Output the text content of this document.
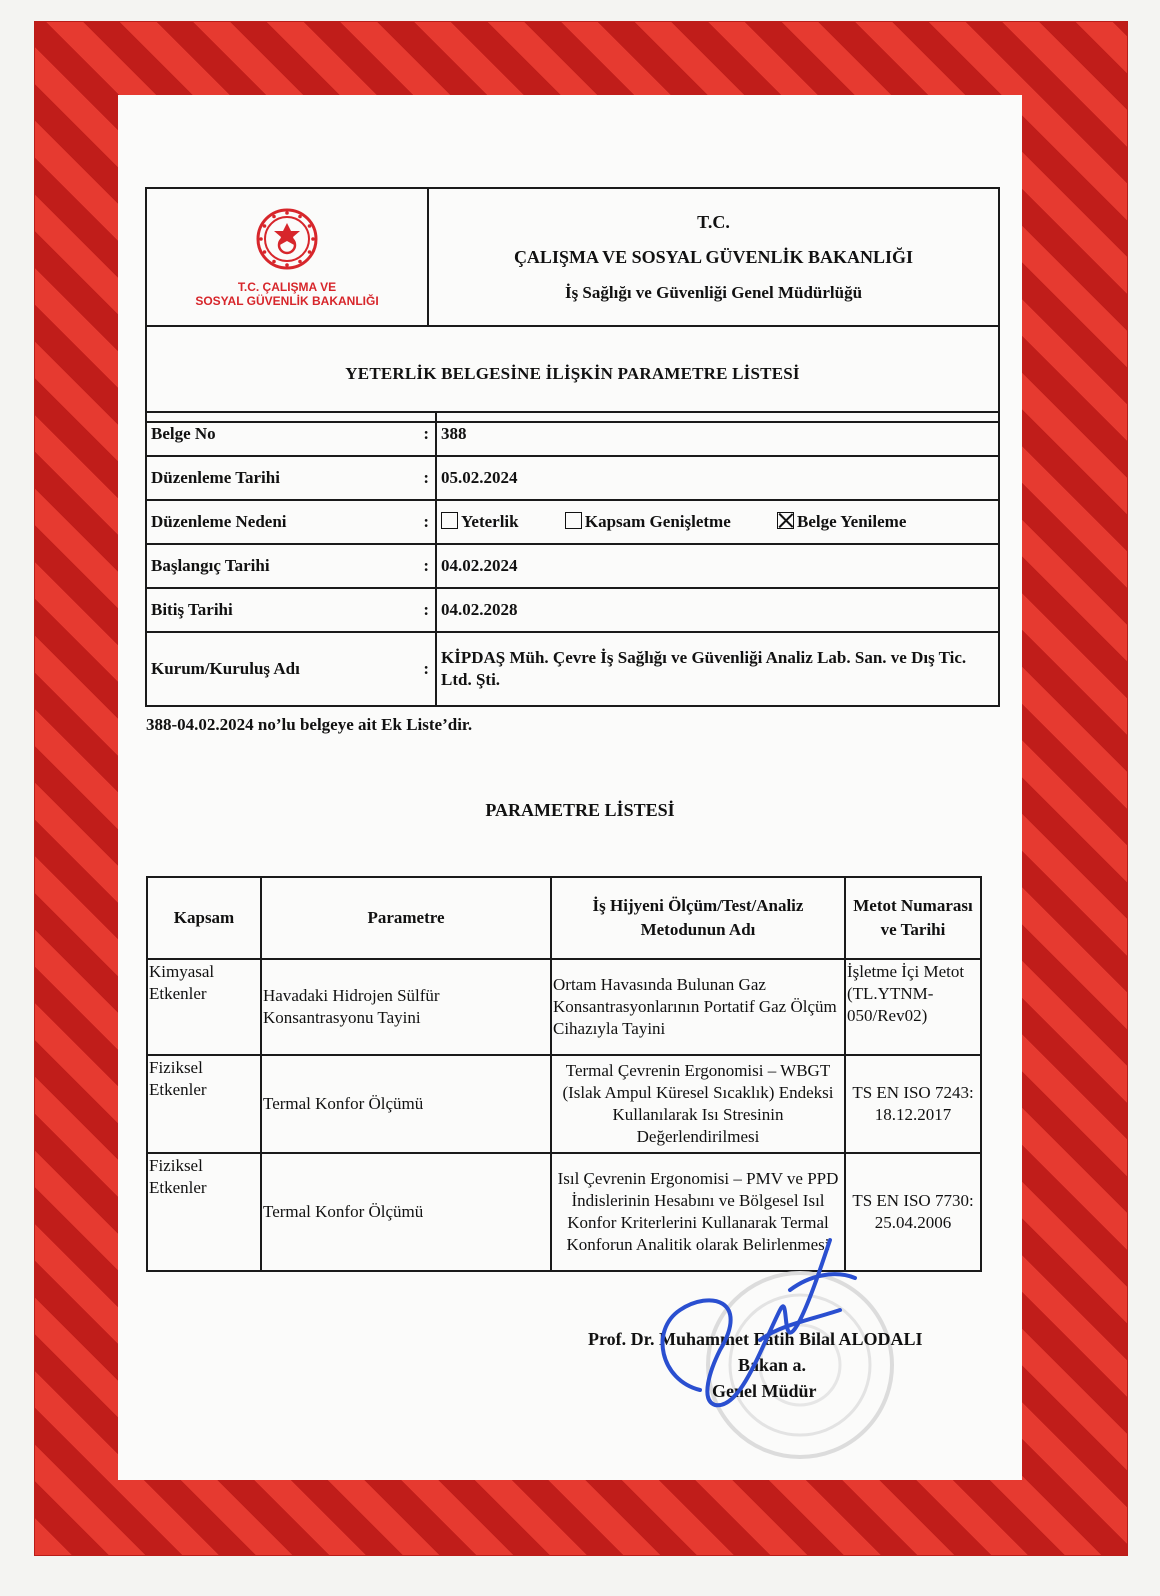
T.C. ÇALIŞMA VE
SOSYAL GÜVENLİK BAKANLIĞI

T.C.
ÇALIŞMA VE SOSYAL GÜVENLİK BAKANLIĞI
İş Sağlığı ve Güvenliği Genel Müdürlüğü

YETERLİK BELGESİNE İLİŞKİN PARAMETRE LİSTESİ
Belge No	:	388
Düzenleme Tarihi	:	05.02.2024
Düzenleme Nedeni	:	Yeterlik Kapsam Genişletme Belge Yenileme
Başlangıç Tarihi	:	04.02.2024
Bitiş Tarihi	:	04.02.2028
Kurum/Kuruluş Adı	:	KİPDAŞ Müh. Çevre İş Sağlığı ve Güvenliği Analiz Lab. San. ve Dış Tic. Ltd. Şti.
388-04.02.2024 no’lu belgeye ait Ek Liste’dir.
PARAMETRE LİSTESİ
Kapsam	Parametre	İş Hijyeni Ölçüm/Test/Analiz Metodunun Adı	Metot Numarası ve Tarihi
Kimyasal Etkenler	Havadaki Hidrojen Sülfür Konsantrasyonu Tayini	Ortam Havasında Bulunan Gaz Konsantrasyonlarının Portatif Gaz Ölçüm Cihazıyla Tayini	İşletme İçi Metot (TL.YTNM-050/Rev02)
Fiziksel Etkenler	Termal Konfor Ölçümü	Termal Çevrenin Ergonomisi – WBGT (Islak Ampul Küresel Sıcaklık) Endeksi Kullanılarak Isı Stresinin Değerlendirilmesi	TS EN ISO 7243: 18.12.2017
Fiziksel Etkenler	Termal Konfor Ölçümü	Isıl Çevrenin Ergonomisi – PMV ve PPD İndislerinin Hesabını ve Bölgesel Isıl Konfor Kriterlerini Kullanarak Termal Konforun Analitik olarak Belirlenmesi	TS EN ISO 7730: 25.04.2006
Prof. Dr. Muhammet Fatih Bilal ALODALI
Bakan a.
Genel Müdür
